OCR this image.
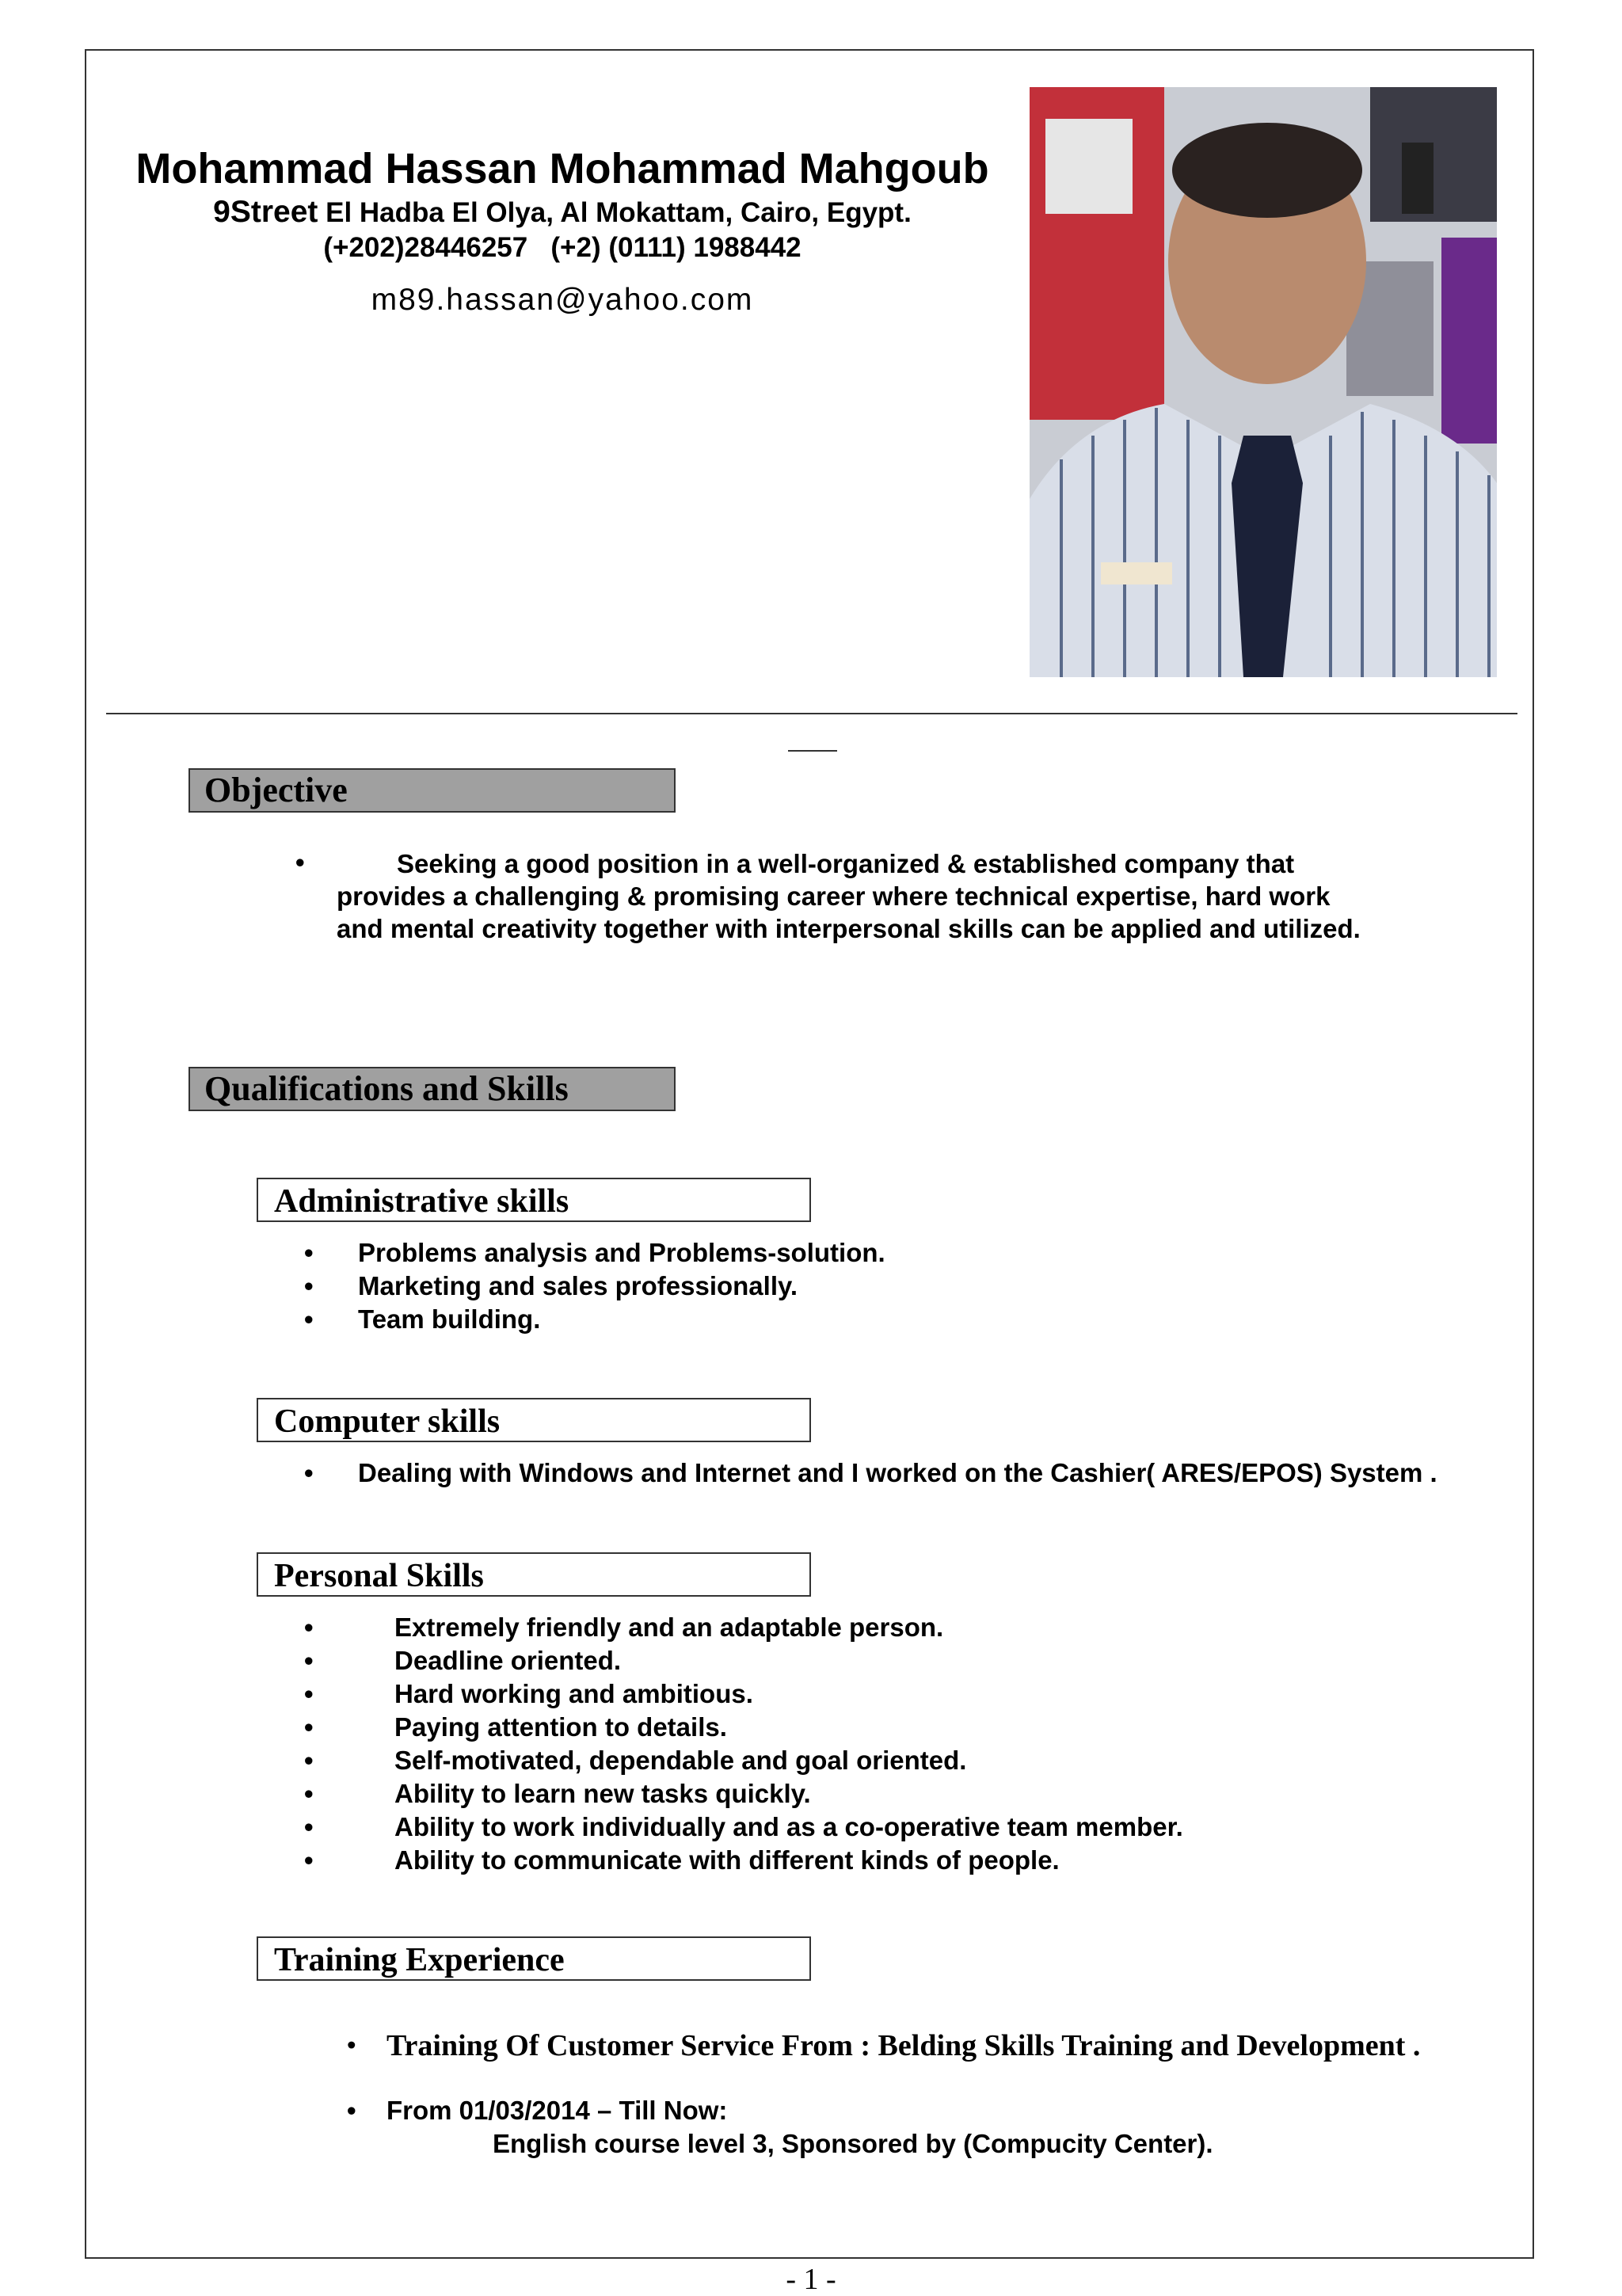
Mohammad Hassan Mohammad Mahgoub
9Street El Hadba El Olya, Al Mokattam, Cairo, Egypt.
(+202)28446257   (+2) (0111) 1988442
m89.hassan@yahoo.com
Objective
•	Seeking a good position in a well-organized & established company that provides a challenging & promising career where technical expertise, hard work and mental creativity together with interpersonal skills can be applied and utilized.
Qualifications and Skills
Administrative skills
• Problems analysis and Problems-solution.
• Marketing and sales professionally.
• Team building.
Computer skills
• Dealing with Windows and Internet and I worked on the Cashier( ARES/EPOS) System .
Personal Skills
•	Extremely friendly and an adaptable person.
•	Deadline oriented.
•	Hard working and ambitious.
•	Paying attention to details.
•	Self-motivated, dependable and goal oriented.
•	Ability to learn new tasks quickly.
•	Ability to work individually and as a co-operative team member.
•	Ability to communicate with different kinds of people.
Training Experience
• Training Of Customer Service From : Belding Skills Training and Development .
• From 01/03/2014 – Till Now:
English course level 3, Sponsored by (Compucity Center).
- 1 -
